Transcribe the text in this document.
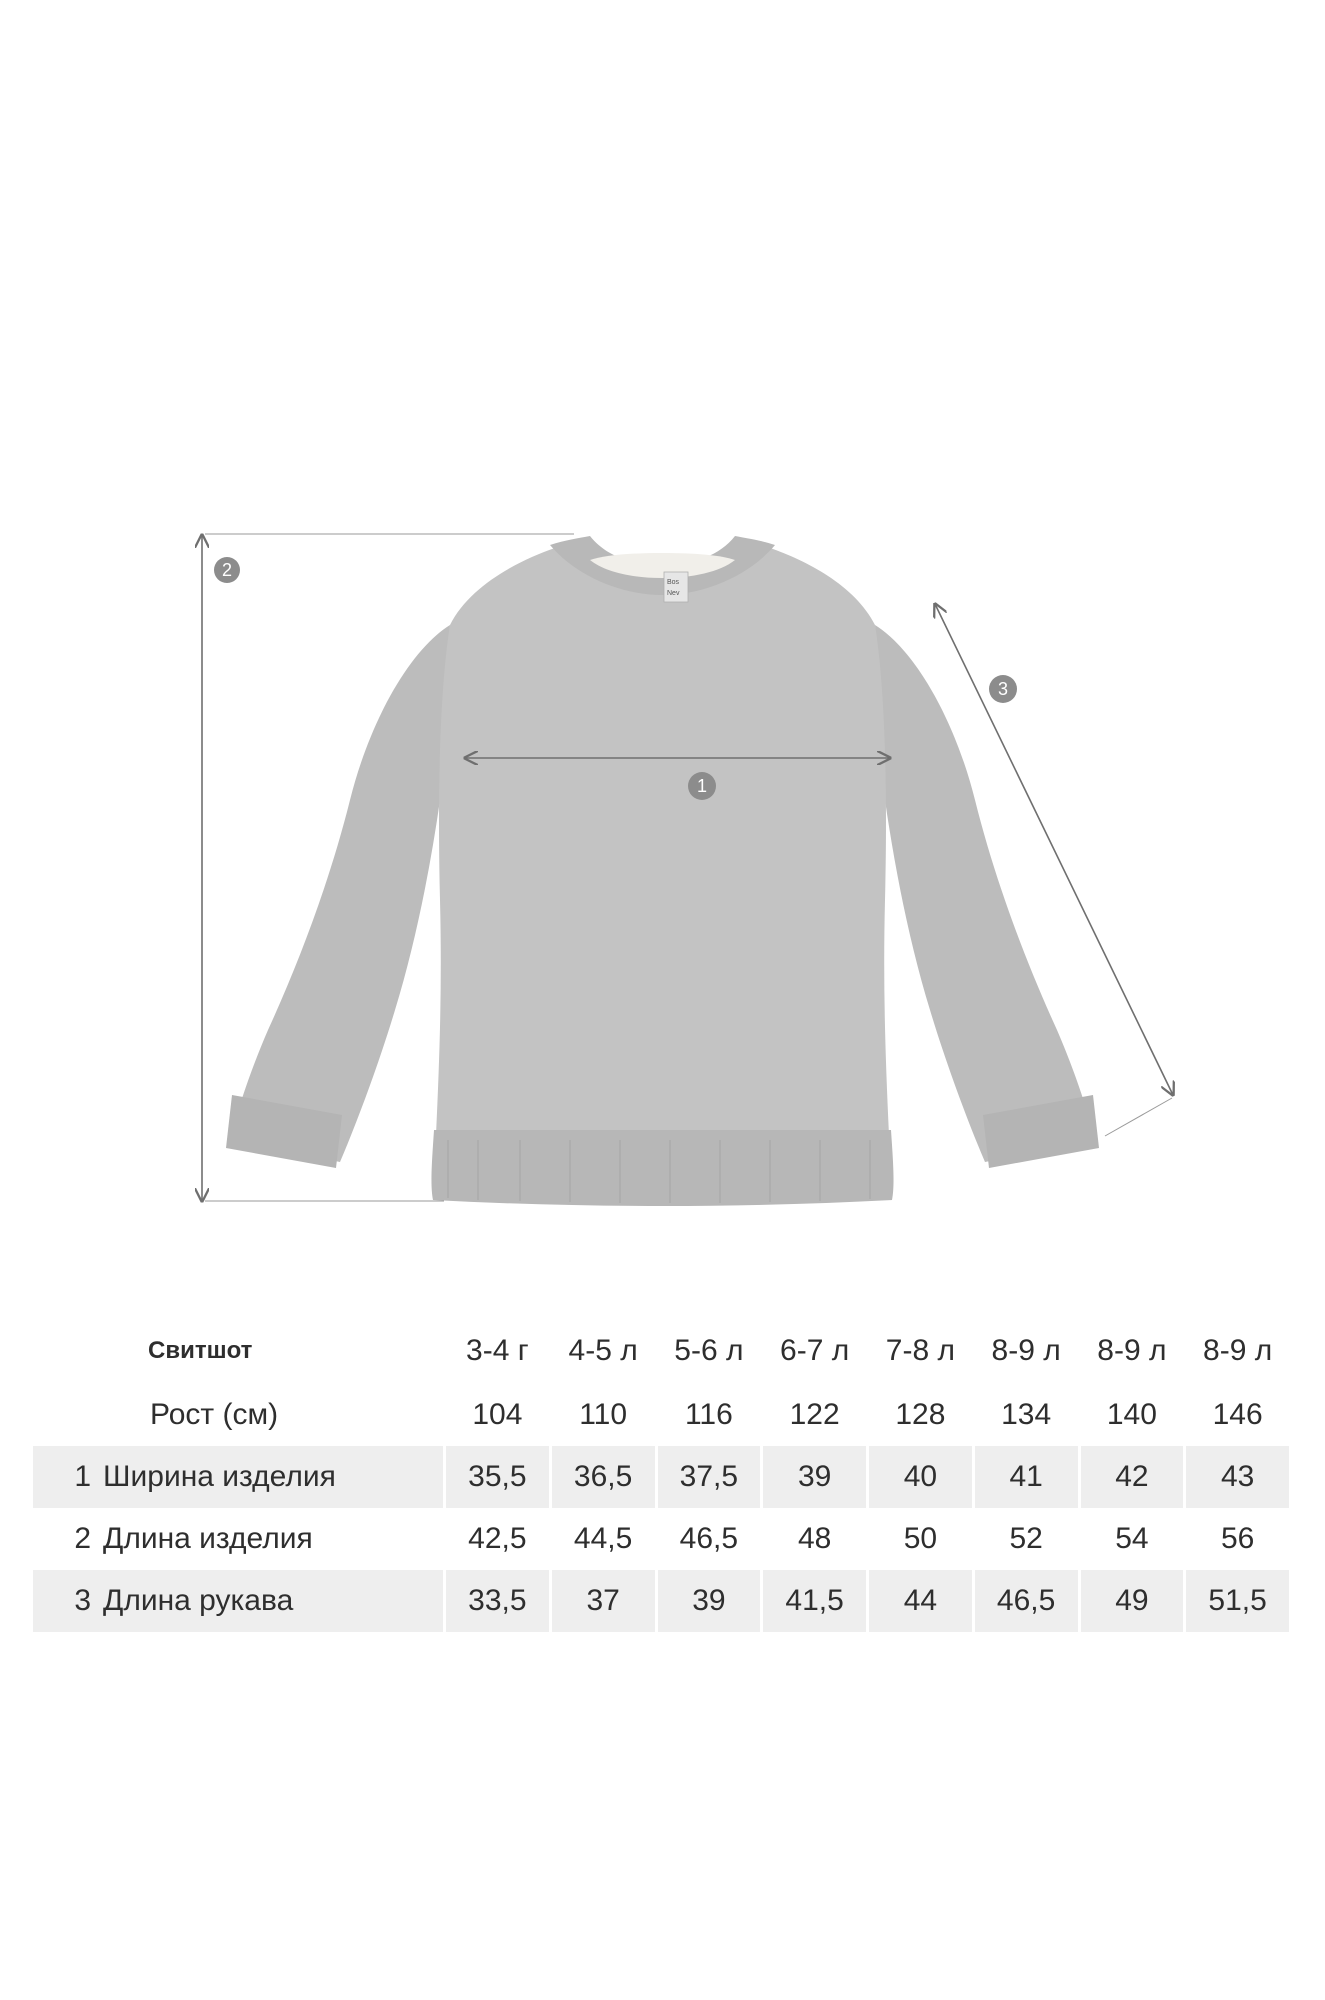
Bos
Nev
2
1
3
Свитшот	3-4 г	4-5 л	5-6 л	6-7 л	7-8 л	8-9 л	8-9 л	8-9 л
Рост (см)	104	110	116	122	128	134	140	146
1 Ширина изделия	35,5	36,5	37,5	39	40	41	42	43
2 Длина изделия	42,5	44,5	46,5	48	50	52	54	56
3 Длина рукава	33,5	37	39	41,5	44	46,5	49	51,5
